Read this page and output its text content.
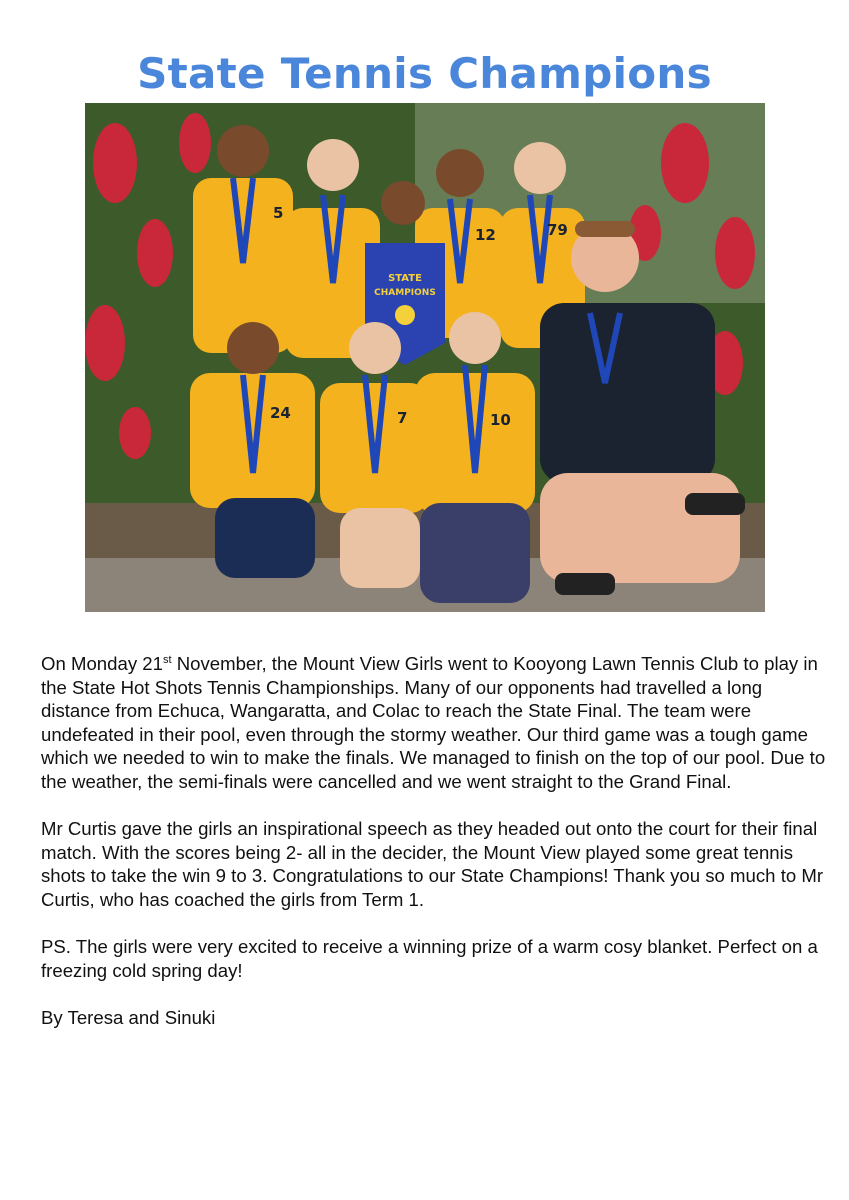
State Tennis Champions
STATE
CHAMPIONS
5
12	79
24	7	10

On Monday 21st November, the Mount View Girls went to Kooyong Lawn Tennis Club to play in the State Hot Shots Tennis Championships. Many of our opponents had travelled a long distance from Echuca, Wangaratta, and Colac to reach the State Final. The team were undefeated in their pool, even through the stormy weather. Our third game was a tough game which we needed to win to make the finals. We managed to finish on the top of our pool. Due to the weather, the semi-finals were cancelled and we went straight to the Grand Final.

Mr Curtis gave the girls an inspirational speech as they headed out onto the court for their final match. With the scores being 2- all in the decider, the Mount View played some great tennis shots to take the win 9 to 3. Congratulations to our State Champions! Thank you so much to Mr Curtis, who has coached the girls from Term 1.

PS. The girls were very excited to receive a winning prize of a warm cosy blanket. Perfect on a freezing cold spring day!

By Teresa and Sinuki
